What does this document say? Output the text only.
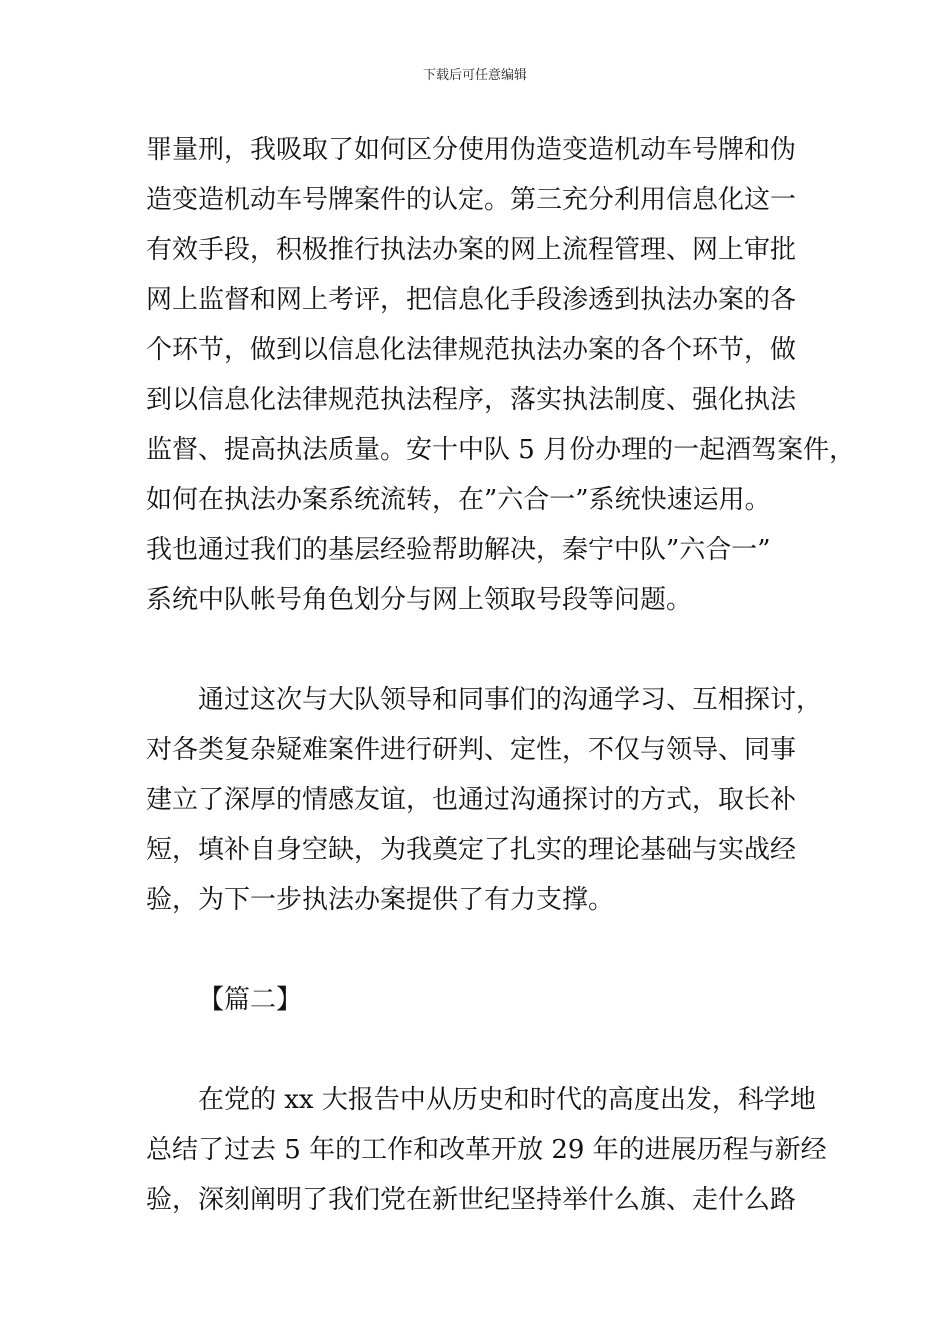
下载后可任意编辑
罪量刑，我吸取了如何区分使用伪造变造机动车号牌和伪
造变造机动车号牌案件的认定。第三充分利用信息化这一
有效手段，积极推行执法办案的网上流程管理、网上审批
网上监督和网上考评，把信息化手段渗透到执法办案的各
个环节，做到以信息化法律规范执法办案的各个环节，做
到以信息化法律规范执法程序，落实执法制度、强化执法
监督、提高执法质量。安十中队 5 月份办理的一起酒驾案件，
如何在执法办案系统流转，在”六合一”系统快速运用。
我也通过我们的基层经验帮助解决，秦宁中队”六合一”
系统中队帐号角色划分与网上领取号段等问题。
通过这次与大队领导和同事们的沟通学习、互相探讨，
对各类复杂疑难案件进行研判、定性，不仅与领导、同事
建立了深厚的情感友谊，也通过沟通探讨的方式，取长补
短，填补自身空缺，为我奠定了扎实的理论基础与实战经
验，为下一步执法办案提供了有力支撑。
【篇二】
在党的 xx 大报告中从历史和时代的高度出发，科学地
总结了过去 5 年的工作和改革开放 29 年的进展历程与新经
验，深刻阐明了我们党在新世纪坚持举什么旗、走什么路
